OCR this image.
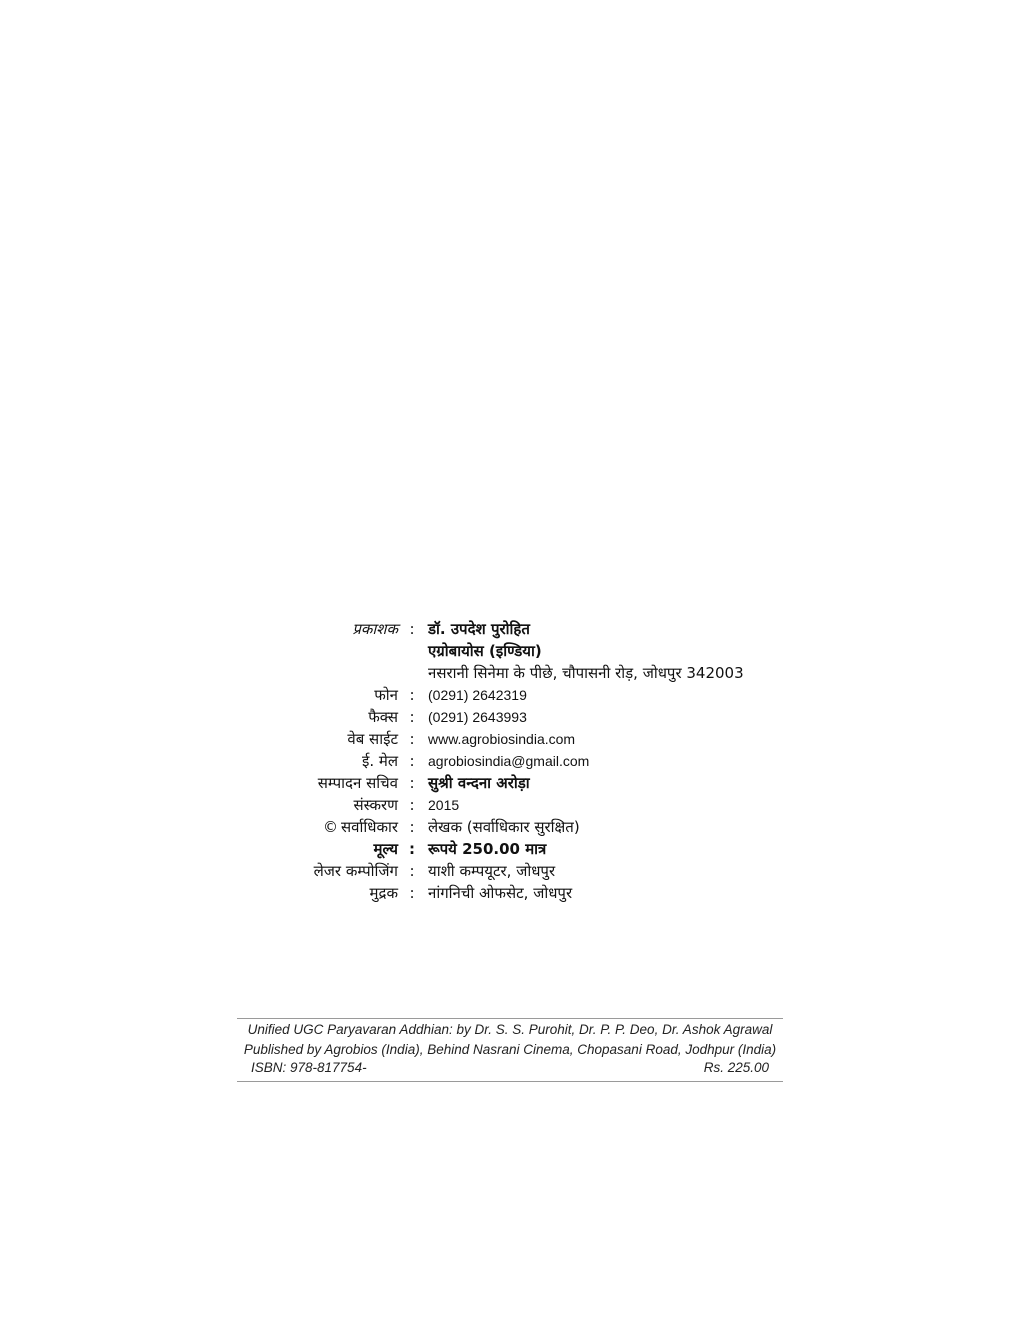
प्रकाशक : डॉ. उपदेश पुरोहित
एग्रोबायोस (इण्डिया)
नसरानी सिनेमा के पीछे, चौपासनी रोड़, जोधपुर 342003
फोन : (0291) 2642319
फैक्स : (0291) 2643993
वेब साईट : www.agrobiosindia.com
ई. मेल : agrobiosindia@gmail.com
सम्पादन सचिव : सुश्री वन्दना अरोड़ा
संस्करण : 2015
© सर्वाधिकार : लेखक (सर्वाधिकार सुरक्षित)
मूल्य : रूपये 250.00 मात्र
लेजर कम्पोजिंग : याशी कम्पयूटर, जोधपुर
मुद्रक : नांगनिची ओफसेट, जोधपुर
Unified UGC Paryavaran Addhian: by Dr. S. S. Purohit, Dr. P. P. Deo, Dr. Ashok Agrawal
Published by Agrobios (India), Behind Nasrani Cinema, Chopasani Road, Jodhpur (India)
ISBN: 978-817754-	Rs. 225.00
